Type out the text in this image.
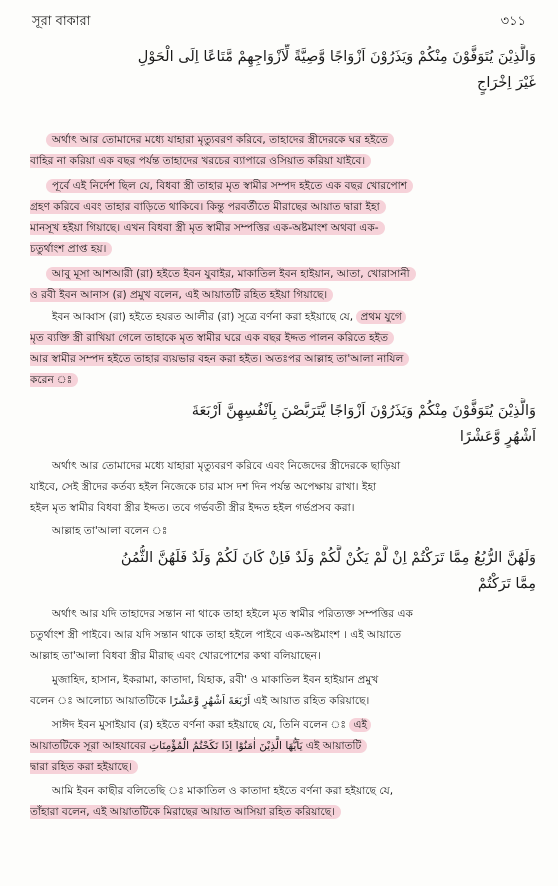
সূরা বাকারা	৩১১
وَالَّذِيْنَ يُتَوَفَّوْنَ مِنْكُمْ وَيَذَرُوْنَ اَزْوَاجًا وَّصِيَّةً لِّاَزْوَاجِهِمْ مَّتَاعًا اِلَى الْحَوْلِ
غَيْرَ اِخْرَاجٍ
অর্থাৎ আর তোমাদের মধ্যে যাহারা মৃত্যুবরণ করিবে, তাহাদের স্ত্রীদেরকে ঘর হইতে
বাহির না করিয়া এক বছর পর্যন্ত তাহাদের খরচের ব্যাপারে ওসিয়াত করিয়া যাইবে।
পূর্বে এই নির্দেশ ছিল যে, বিধবা স্ত্রী তাহার মৃত স্বামীর সম্পদ হইতে এক বছর খোরপোশ
গ্রহণ করিবে এবং তাহার বাড়িতে থাকিবে। কিন্তু পরবর্তীতে মীরাছের আয়াত দ্বারা ইহা
মানসূখ হইয়া গিয়াছে। এখন বিধবা স্ত্রী মৃত স্বামীর সম্পত্তির এক-অষ্টমাংশ অথবা এক-
চতুর্থাংশ প্রাপ্ত হয়।
আবু মূসা আশআরী (রা) হইতে ইবন যুবাইর, মাকাতিল ইবন হাইয়ান, আতা, খোরাসানী
ও রবী ইবন আনাস (র) প্রমুখ বলেন, এই আয়াতটি রহিত হইয়া গিয়াছে।
ইবন আব্বাস (রা) হইতে হযরত আলীর (রা) সূত্রে বর্ণনা করা হইয়াছে যে, প্রথম যুগে
মৃত ব্যক্তি স্ত্রী রাখিয়া গেলে তাহাকে মৃত স্বামীর ঘরে এক বছর ইদ্দত পালন করিতে হইত
আর স্বামীর সম্পদ হইতে তাহার ব্যয়ভার বহন করা হইত। অতঃপর আল্লাহ তা'আলা নাযিল
করেন ঃ
وَالَّذِيْنَ يُتَوَفَّوْنَ مِنْكُمْ وَيَذَرُوْنَ اَزْوَاجًا يَّتَرَبَّصْنَ بِاَنْفُسِهِنَّ اَرْبَعَةَ
اَشْهُرٍ وَّعَشْرًا
অর্থাৎ আর তোমাদের মধ্যে যাহারা মৃত্যুবরণ করিবে এবং নিজেদের স্ত্রীদেরকে ছাড়িয়া
যাইবে, সেই স্ত্রীদের কর্তব্য হইল নিজেকে চার মাস দশ দিন পর্যন্ত অপেক্ষায় রাখা। ইহা
হইল মৃত স্বামীর বিধবা স্ত্রীর ইদ্দত। তবে গর্ভবতী স্ত্রীর ইদ্দত হইল গর্ভপ্রসব করা।
আল্লাহ তা'আলা বলেন ঃ
وَلَهُنَّ الرُّبُعُ مِمَّا تَرَكْتُمْ اِنْ لَّمْ يَكُنْ لَّكُمْ وَلَدٌ فَاِنْ كَانَ لَكُمْ وَلَدٌ فَلَهُنَّ الثُّمُنُ
مِمَّا تَرَكْتُمْ
অর্থাৎ আর যদি তাহাদের সন্তান না থাকে তাহা হইলে মৃত স্বামীর পরিত্যক্ত সম্পত্তির এক
চতুর্থাংশ স্ত্রী পাইবে। আর যদি সন্তান থাকে তাহা হইলে পাইবে এক-অষ্টমাংশ । এই আয়াতে
আল্লাহ তা'আলা বিধবা স্ত্রীর মীরাছ এবং খোরপোশের কথা বলিয়াছেন।
মুজাহিদ, হাসান, ইকরামা, কাতাদা, যিহাক, রবী' ও মাকাতিল ইবন হাইয়ান প্রমুখ
বলেন ঃ আলোচ্য আয়াতটিকে اَرْبَعَةَ اَشْهُرٍ وَّعَشْرًا এই আয়াত রহিত করিয়াছে।
সাঈদ ইবন মুসাইয়াব (র) হইতে বর্ণনা করা হইয়াছে যে, তিনি বলেন ঃ এই
আয়াতটিকে সূরা আহযাবের يَاَيُّهَا الَّذِيْنَ اٰمَنُوْا اِذَا نَكَحْتُمُ الْمُؤْمِنَاتِ এই আয়াতটি
দ্বারা রহিত করা হইয়াছে।
আমি ইবন কাছীর বলিতেছি ঃ মাকাতিল ও কাতাদা হইতে বর্ণনা করা হইয়াছে যে,
তাঁহারা বলেন, এই আয়াতটিকে মিরাছের আয়াত আসিয়া রহিত করিয়াছে।
